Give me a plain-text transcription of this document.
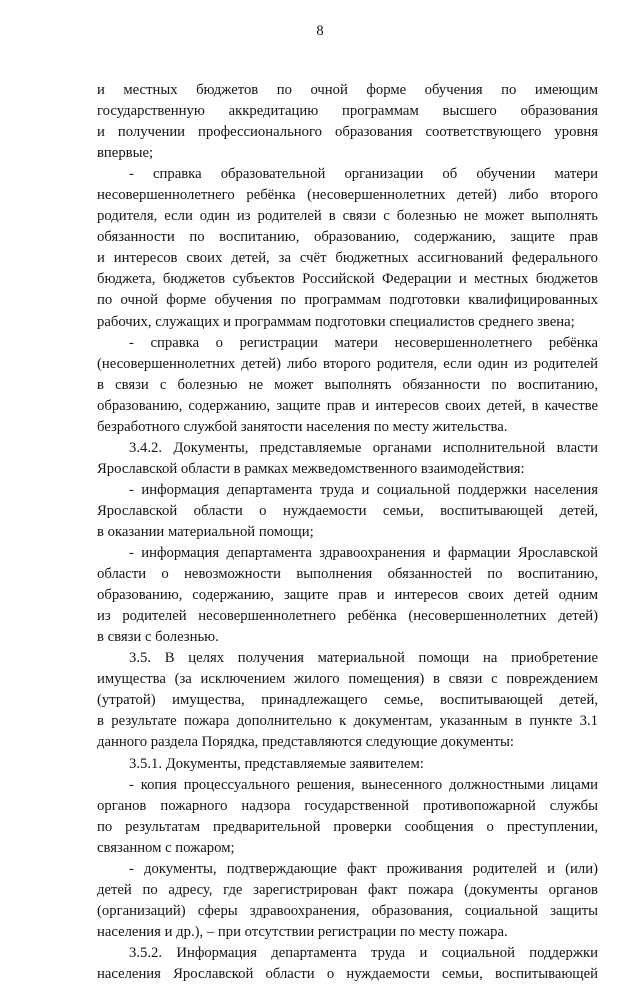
8
и местных бюджетов по очной форме обучения по имеющим
государственную аккредитацию программам высшего образования
и получении профессионального образования соответствующего уровня
впервые;
- справка образовательной организации об обучении матери
несовершеннолетнего ребёнка (несовершеннолетних детей) либо второго
родителя, если один из родителей в связи с болезнью не может выполнять
обязанности по воспитанию, образованию, содержанию, защите прав
и интересов своих детей, за счёт бюджетных ассигнований федерального
бюджета, бюджетов субъектов Российской Федерации и местных бюджетов
по очной форме обучения по программам подготовки квалифицированных
рабочих, служащих и программам подготовки специалистов среднего звена;
- справка о регистрации матери несовершеннолетнего ребёнка
(несовершеннолетних детей) либо второго родителя, если один из родителей
в связи с болезнью не может выполнять обязанности по воспитанию,
образованию, содержанию, защите прав и интересов своих детей, в качестве
безработного службой занятости населения по месту жительства.
3.4.2. Документы, представляемые органами исполнительной власти
Ярославской области в рамках межведомственного взаимодействия:
- информация департамента труда и социальной поддержки населения
Ярославской области о нуждаемости семьи, воспитывающей детей,
в оказании материальной помощи;
- информация департамента здравоохранения и фармации Ярославской
области о невозможности выполнения обязанностей по воспитанию,
образованию, содержанию, защите прав и интересов своих детей одним
из родителей несовершеннолетнего ребёнка (несовершеннолетних детей)
в связи с болезнью.
3.5. В целях получения материальной помощи на приобретение
имущества (за исключением жилого помещения) в связи с повреждением
(утратой) имущества, принадлежащего семье, воспитывающей детей,
в результате пожара дополнительно к документам, указанным в пункте 3.1
данного раздела Порядка, представляются следующие документы:
3.5.1. Документы, представляемые заявителем:
- копия процессуального решения, вынесенного должностными лицами
органов пожарного надзора государственной противопожарной службы
по результатам предварительной проверки сообщения о преступлении,
связанном с пожаром;
- документы, подтверждающие факт проживания родителей и (или)
детей по адресу, где зарегистрирован факт пожара (документы органов
(организаций) сферы здравоохранения, образования, социальной защиты
населения и др.), – при отсутствии регистрации по месту пожара.
3.5.2. Информация департамента труда и социальной поддержки
населения Ярославской области о нуждаемости семьи, воспитывающей
